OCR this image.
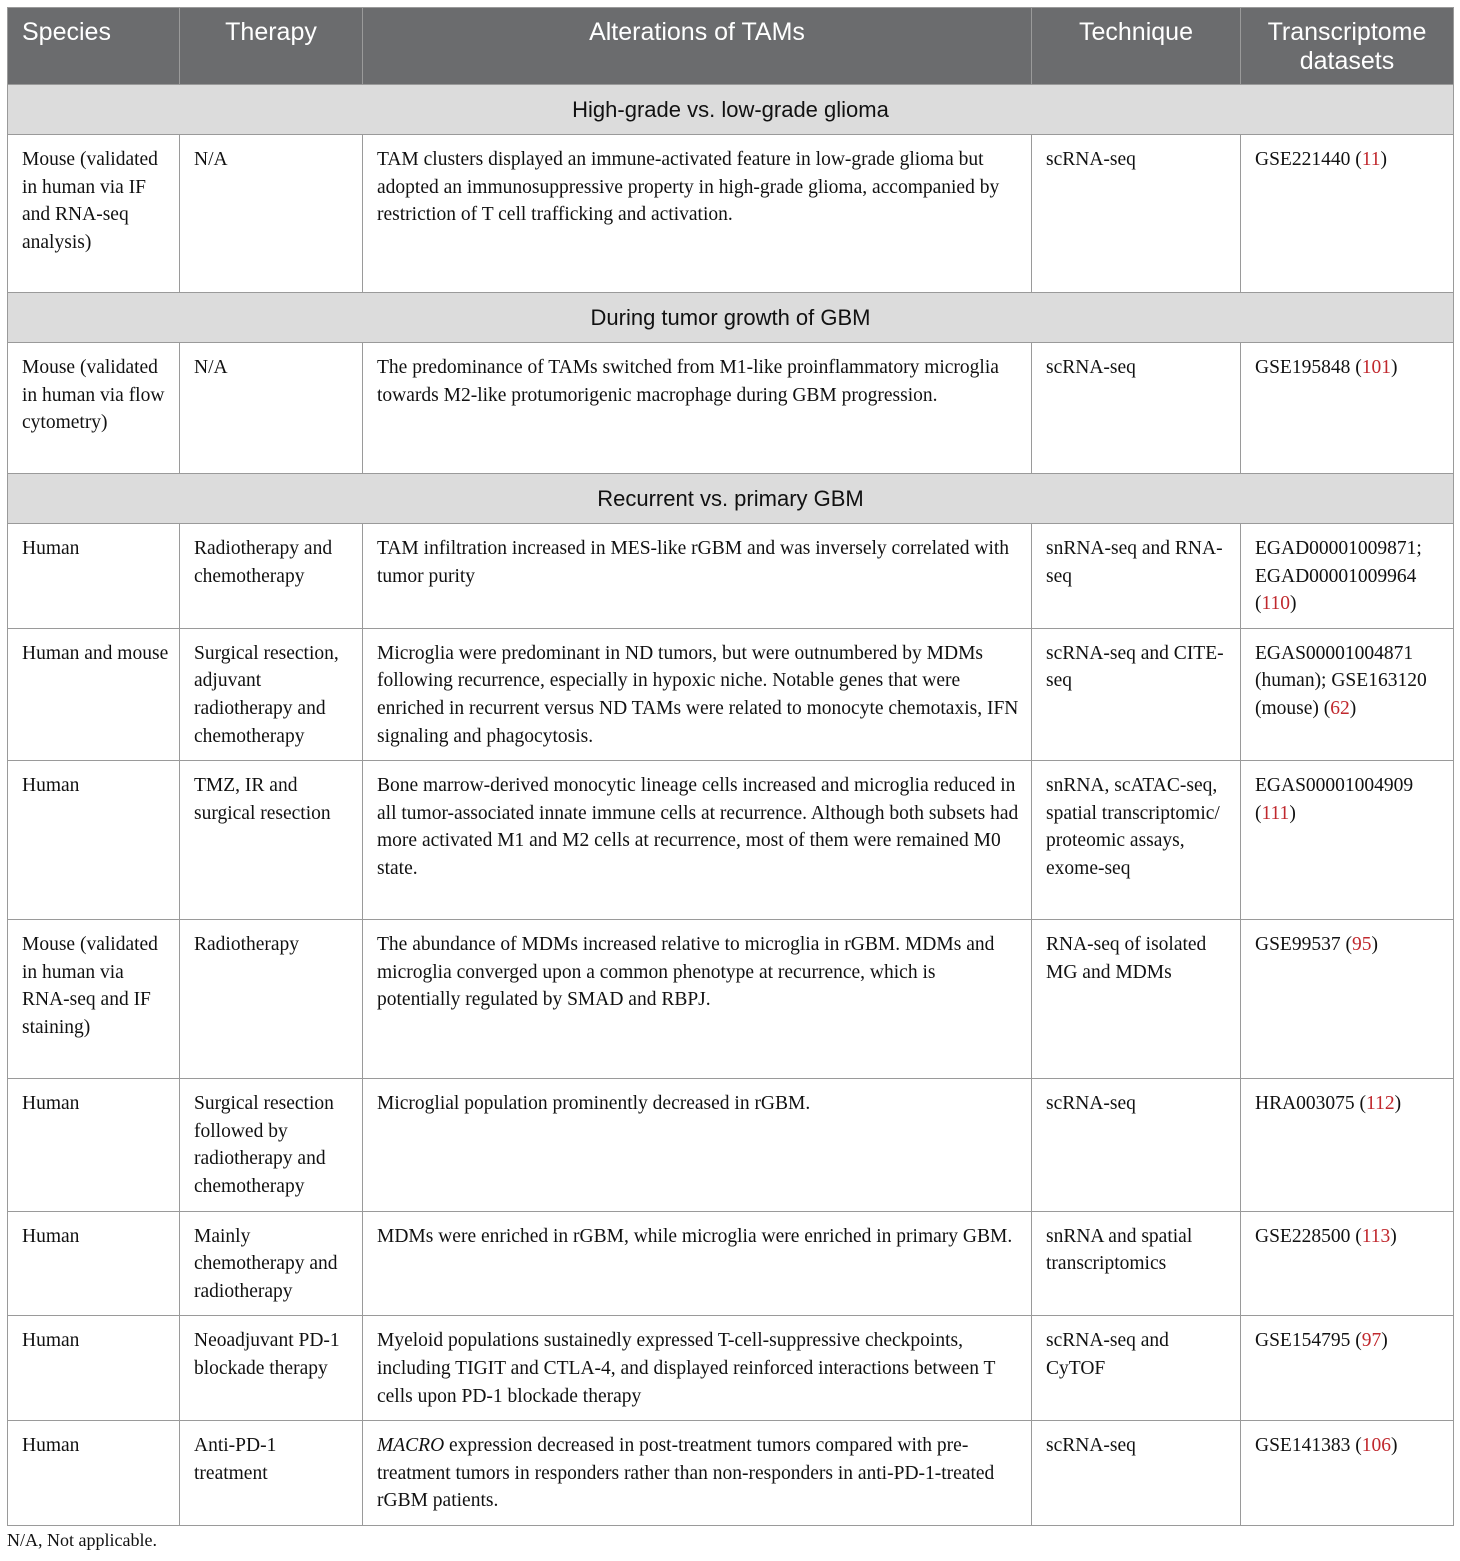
Species	Therapy	Alterations of TAMs	Technique	Transcriptome datasets
High-grade vs. low-grade glioma				
Mouse (validated in human via IF and RNA-seq analysis)	N/A	TAM clusters displayed an immune-activated feature in low-grade glioma but adopted an immunosuppressive property in high-grade glioma, accompanied by restriction of T cell trafficking and activation.	scRNA-seq	GSE221440 (11)
During tumor growth of GBM				
Mouse (validated in human via flow cytometry)	N/A	The predominance of TAMs switched from M1-like proinflammatory microglia towards M2-like protumorigenic macrophage during GBM progression.	scRNA-seq	GSE195848 (101)
Recurrent vs. primary GBM				
Human	Radiotherapy and chemotherapy	TAM infiltration increased in MES-like rGBM and was inversely correlated with tumor purity	snRNA-seq and RNA-seq	EGAD00001009871; EGAD00001009964 (110)
Human and mouse	Surgical resection, adjuvant radiotherapy and chemotherapy	Microglia were predominant in ND tumors, but were outnumbered by MDMs following recurrence, especially in hypoxic niche. Notable genes that were enriched in recurrent versus ND TAMs were related to monocyte chemotaxis, IFN signaling and phagocytosis.	scRNA-seq and CITE-seq	EGAS00001004871 (human); GSE163120 (mouse) (62)
Human	TMZ, IR and surgical resection	Bone marrow-derived monocytic lineage cells increased and microglia reduced in all tumor-associated innate immune cells at recurrence. Although both subsets had more activated M1 and M2 cells at recurrence, most of them were remained M0 state.	snRNA, scATAC-seq, spatial transcriptomic/ proteomic assays, exome-seq	EGAS00001004909 (111)
Mouse (validated in human via RNA-seq and IF staining)	Radiotherapy	The abundance of MDMs increased relative to microglia in rGBM. MDMs and microglia converged upon a common phenotype at recurrence, which is potentially regulated by SMAD and RBPJ.	RNA-seq of isolated MG and MDMs	GSE99537 (95)
Human	Surgical resection followed by radiotherapy and chemotherapy	Microglial population prominently decreased in rGBM.	scRNA-seq	HRA003075 (112)
Human	Mainly chemotherapy and radiotherapy	MDMs were enriched in rGBM, while microglia were enriched in primary GBM.	snRNA and spatial transcriptomics	GSE228500 (113)
Human	Neoadjuvant PD-1 blockade therapy	Myeloid populations sustainedly expressed T-cell-suppressive checkpoints, including TIGIT and CTLA-4, and displayed reinforced interactions between T cells upon PD-1 blockade therapy	scRNA-seq and CyTOF	GSE154795 (97)
Human	Anti-PD-1 treatment	MACRO expression decreased in post-treatment tumors compared with pre-treatment tumors in responders rather than non-responders in anti-PD-1-treated rGBM patients.	scRNA-seq	GSE141383 (106)
N/A, Not applicable.
